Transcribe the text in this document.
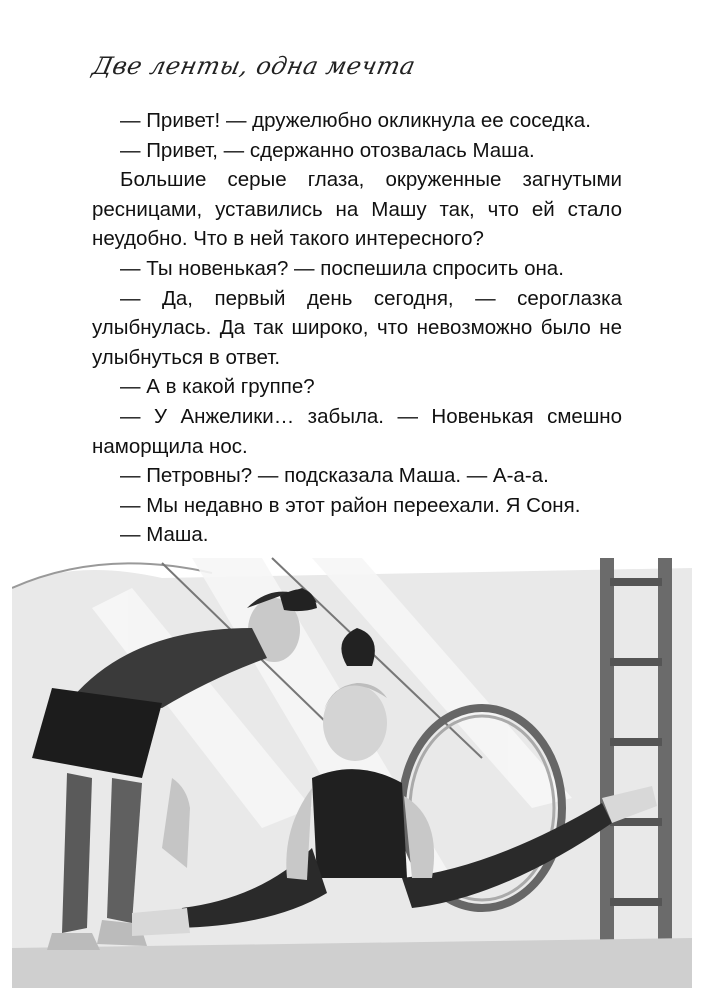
Две ленты, одна мечта

— Привет! — дружелюбно окликнула ее соседка.

— Привет, — сдержанно отозвалась Маша.

Большие серые глаза, окруженные загнутыми ресницами, уставились на Машу так, что ей стало неудобно. Что в ней такого интересного?

— Ты новенькая? — поспешила спросить она.

— Да, первый день сегодня, — сероглазка улыбнулась. Да так широко, что невозможно было не улыбнуться в ответ.

— А в какой группе?

— У Анжелики… забыла. — Новенькая смешно наморщила нос.

— Петровны? — подсказала Маша. — А-а-а.

— Мы недавно в этот район переехали. Я Соня.

— Маша.
